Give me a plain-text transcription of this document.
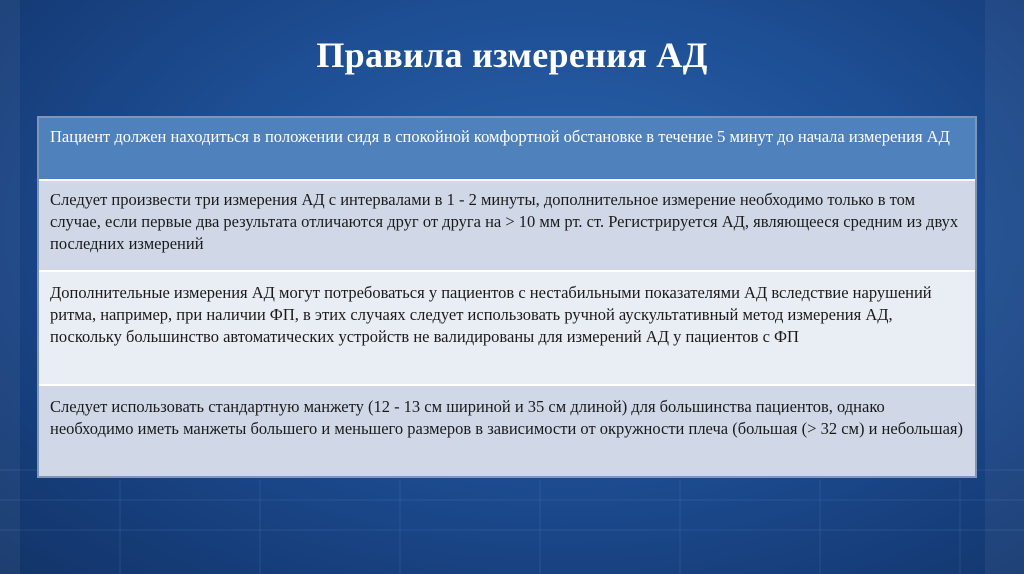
Правила измерения АД
Пациент должен находиться в положении сидя в спокойной комфортной обстановке в течение 5 минут до начала измерения АД
Следует произвести три измерения АД с интервалами в 1 - 2 минуты, дополнительное измерение необходимо только в том случае, если первые два результата отличаются друг от друга на > 10 мм рт. ст. Регистрируется АД, являющееся средним из двух последних измерений
Дополнительные измерения АД могут потребоваться у пациентов с нестабильными показателями АД вследствие нарушений ритма, например, при наличии ФП, в этих случаях следует использовать ручной аускультативный метод измерения АД, поскольку большинство автоматических устройств не валидированы для измерений АД у пациентов с ФП
Следует использовать стандартную манжету (12 - 13 см шириной и 35 см длиной) для большинства пациентов, однако необходимо иметь манжеты большего и меньшего размеров в зависимости от окружности плеча (большая (> 32 см) и небольшая)
